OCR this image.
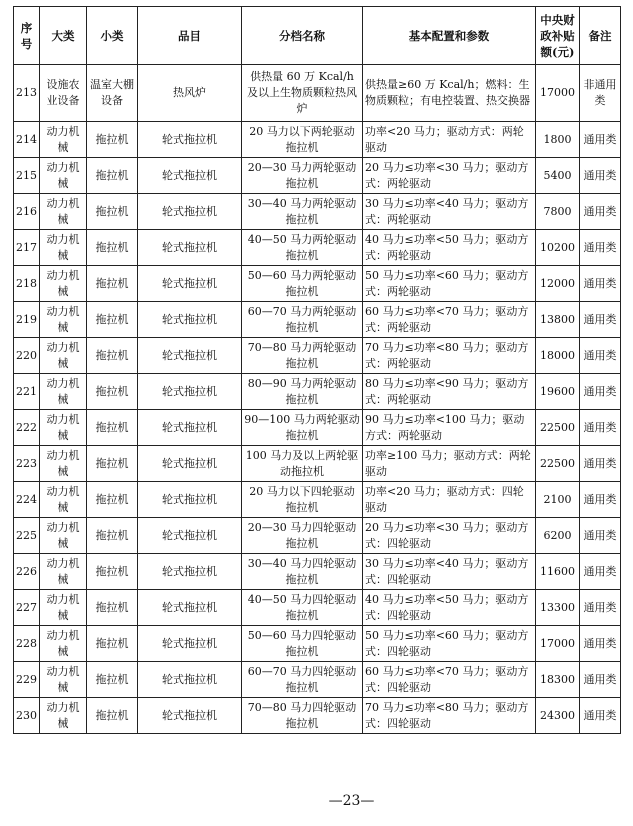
序号	大类	小类	品目	分档名称	基本配置和参数	中央财政补贴额(元)	备注
213	设施农业设备	温室大棚设备	热风炉	供热量 60 万 Kcal/h 及以上生物质颗粒热风炉	供热量≥60 万 Kcal/h；燃料：生物质颗粒；有电控装置、热交换器	17000	非通用类
214	动力机械	拖拉机	轮式拖拉机	20 马力以下两轮驱动拖拉机	功率<20 马力；驱动方式：两轮驱动	1800	通用类
215	动力机械	拖拉机	轮式拖拉机	20—30 马力两轮驱动拖拉机	20 马力≤功率<30 马力；驱动方式：两轮驱动	5400	通用类
216	动力机械	拖拉机	轮式拖拉机	30—40 马力两轮驱动拖拉机	30 马力≤功率<40 马力；驱动方式：两轮驱动	7800	通用类
217	动力机械	拖拉机	轮式拖拉机	40—50 马力两轮驱动拖拉机	40 马力≤功率<50 马力；驱动方式：两轮驱动	10200	通用类
218	动力机械	拖拉机	轮式拖拉机	50—60 马力两轮驱动拖拉机	50 马力≤功率<60 马力；驱动方式：两轮驱动	12000	通用类
219	动力机械	拖拉机	轮式拖拉机	60—70 马力两轮驱动拖拉机	60 马力≤功率<70 马力；驱动方式：两轮驱动	13800	通用类
220	动力机械	拖拉机	轮式拖拉机	70—80 马力两轮驱动拖拉机	70 马力≤功率<80 马力；驱动方式：两轮驱动	18000	通用类
221	动力机械	拖拉机	轮式拖拉机	80—90 马力两轮驱动拖拉机	80 马力≤功率<90 马力；驱动方式：两轮驱动	19600	通用类
222	动力机械	拖拉机	轮式拖拉机	90—100 马力两轮驱动拖拉机	90 马力≤功率<100 马力；驱动方式：两轮驱动	22500	通用类
223	动力机械	拖拉机	轮式拖拉机	100 马力及以上两轮驱动拖拉机	功率≥100 马力；驱动方式：两轮驱动	22500	通用类
224	动力机械	拖拉机	轮式拖拉机	20 马力以下四轮驱动拖拉机	功率<20 马力；驱动方式：四轮驱动	2100	通用类
225	动力机械	拖拉机	轮式拖拉机	20—30 马力四轮驱动拖拉机	20 马力≤功率<30 马力；驱动方式：四轮驱动	6200	通用类
226	动力机械	拖拉机	轮式拖拉机	30—40 马力四轮驱动拖拉机	30 马力≤功率<40 马力；驱动方式：四轮驱动	11600	通用类
227	动力机械	拖拉机	轮式拖拉机	40—50 马力四轮驱动拖拉机	40 马力≤功率<50 马力；驱动方式：四轮驱动	13300	通用类
228	动力机械	拖拉机	轮式拖拉机	50—60 马力四轮驱动拖拉机	50 马力≤功率<60 马力；驱动方式：四轮驱动	17000	通用类
229	动力机械	拖拉机	轮式拖拉机	60—70 马力四轮驱动拖拉机	60 马力≤功率<70 马力；驱动方式：四轮驱动	18300	通用类
230	动力机械	拖拉机	轮式拖拉机	70—80 马力四轮驱动拖拉机	70 马力≤功率<80 马力；驱动方式：四轮驱动	24300	通用类
—23—
